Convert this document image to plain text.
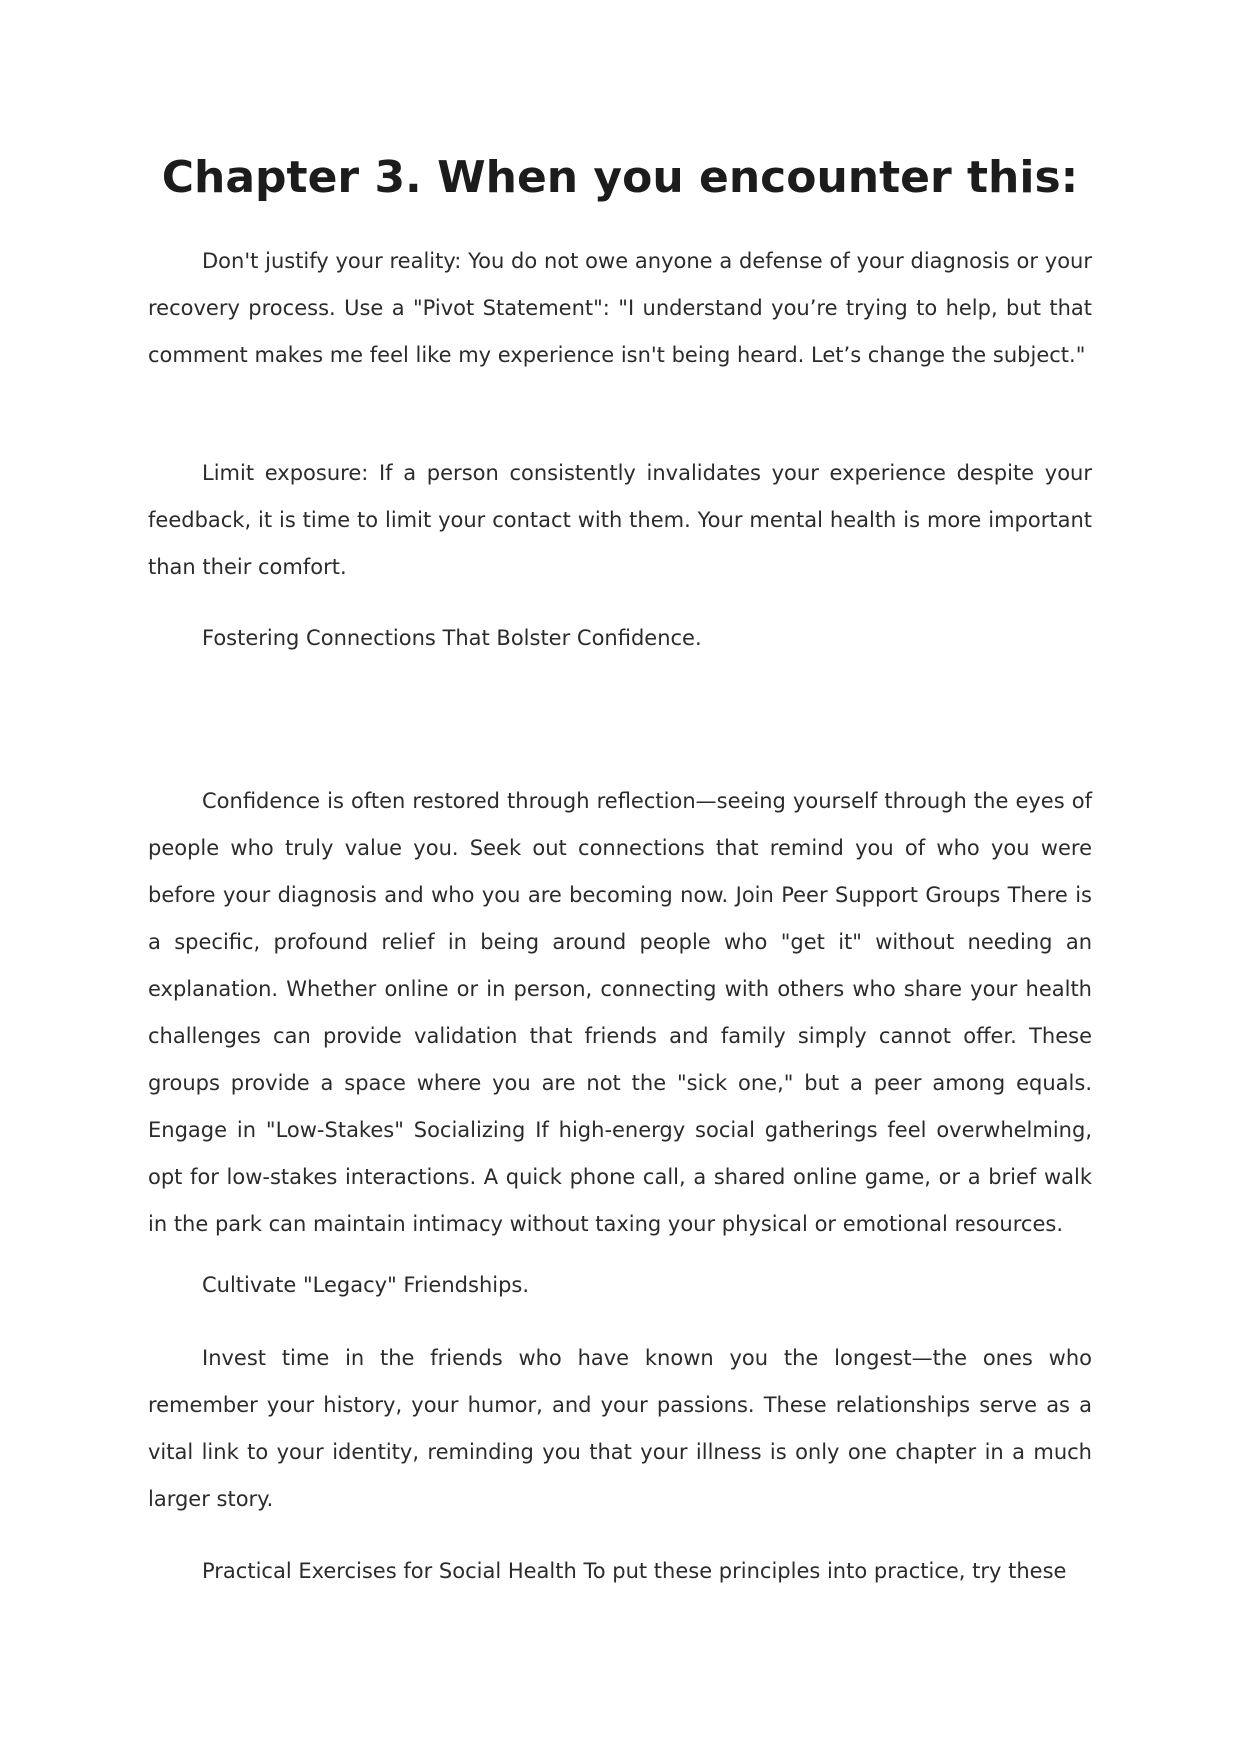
Chapter 3. When you encounter this:

Don't justify your reality: You do not owe anyone a defense of your diagnosis or your recovery process. Use a "Pivot Statement": "I understand you’re trying to help, but that comment makes me feel like my experience isn't being heard. Let’s change the subject."

Limit exposure: If a person consistently invalidates your experience despite your feedback, it is time to limit your contact with them. Your mental health is more important than their comfort.

Fostering Connections That Bolster Confidence.

Confidence is often restored through reflection—seeing yourself through the eyes of people who truly value you. Seek out connections that remind you of who you were before your diagnosis and who you are becoming now. Join Peer Support Groups There is a specific, profound relief in being around people who "get it" without needing an explanation. Whether online or in person, connecting with others who share your health challenges can provide validation that friends and family simply cannot offer. These groups provide a space where you are not the "sick one," but a peer among equals. Engage in "Low-Stakes" Socializing If high-energy social gatherings feel overwhelming, opt for low-stakes interactions. A quick phone call, a shared online game, or a brief walk in the park can maintain intimacy without taxing your physical or emotional resources.

Cultivate "Legacy" Friendships.

Invest time in the friends who have known you the longest—the ones who remember your history, your humor, and your passions. These relationships serve as a vital link to your identity, reminding you that your illness is only one chapter in a much larger story.

Practical Exercises for Social Health To put these principles into practice, try these
